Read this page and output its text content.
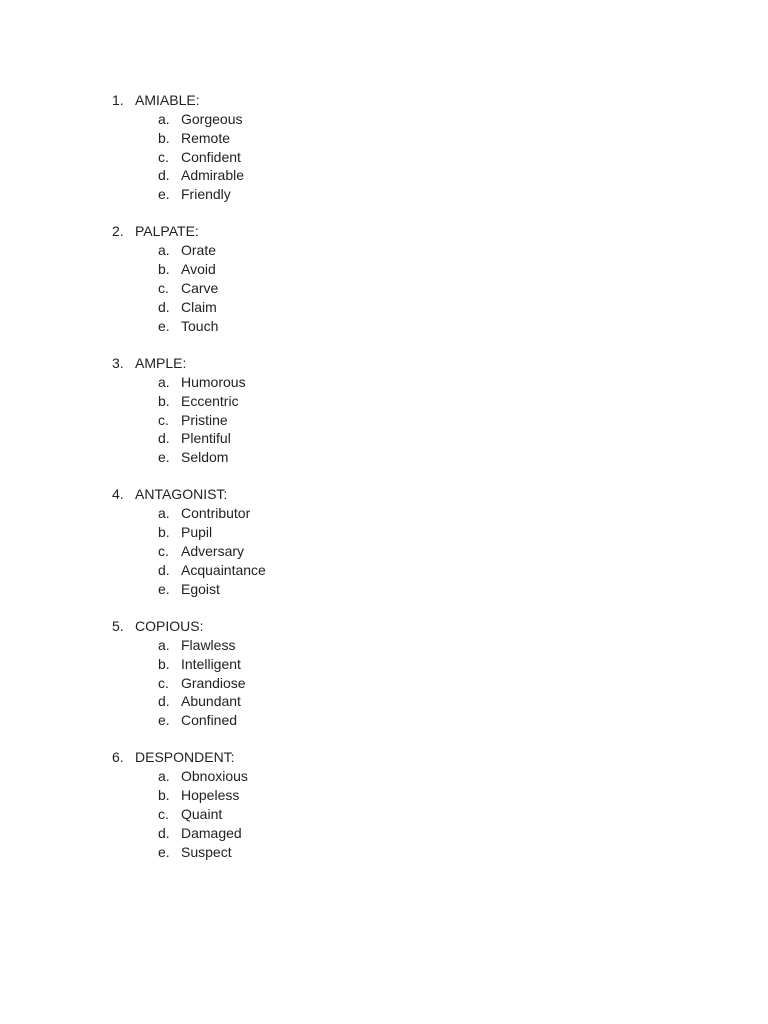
1. AMIABLE:
a. Gorgeous
b. Remote
c. Confident
d. Admirable
e. Friendly
2. PALPATE:
a. Orate
b. Avoid
c. Carve
d. Claim
e. Touch
3. AMPLE:
a. Humorous
b. Eccentric
c. Pristine
d. Plentiful
e. Seldom
4. ANTAGONIST:
a. Contributor
b. Pupil
c. Adversary
d. Acquaintance
e. Egoist
5. COPIOUS:
a. Flawless
b. Intelligent
c. Grandiose
d. Abundant
e. Confined
6. DESPONDENT:
a. Obnoxious
b. Hopeless
c. Quaint
d. Damaged
e. Suspect
